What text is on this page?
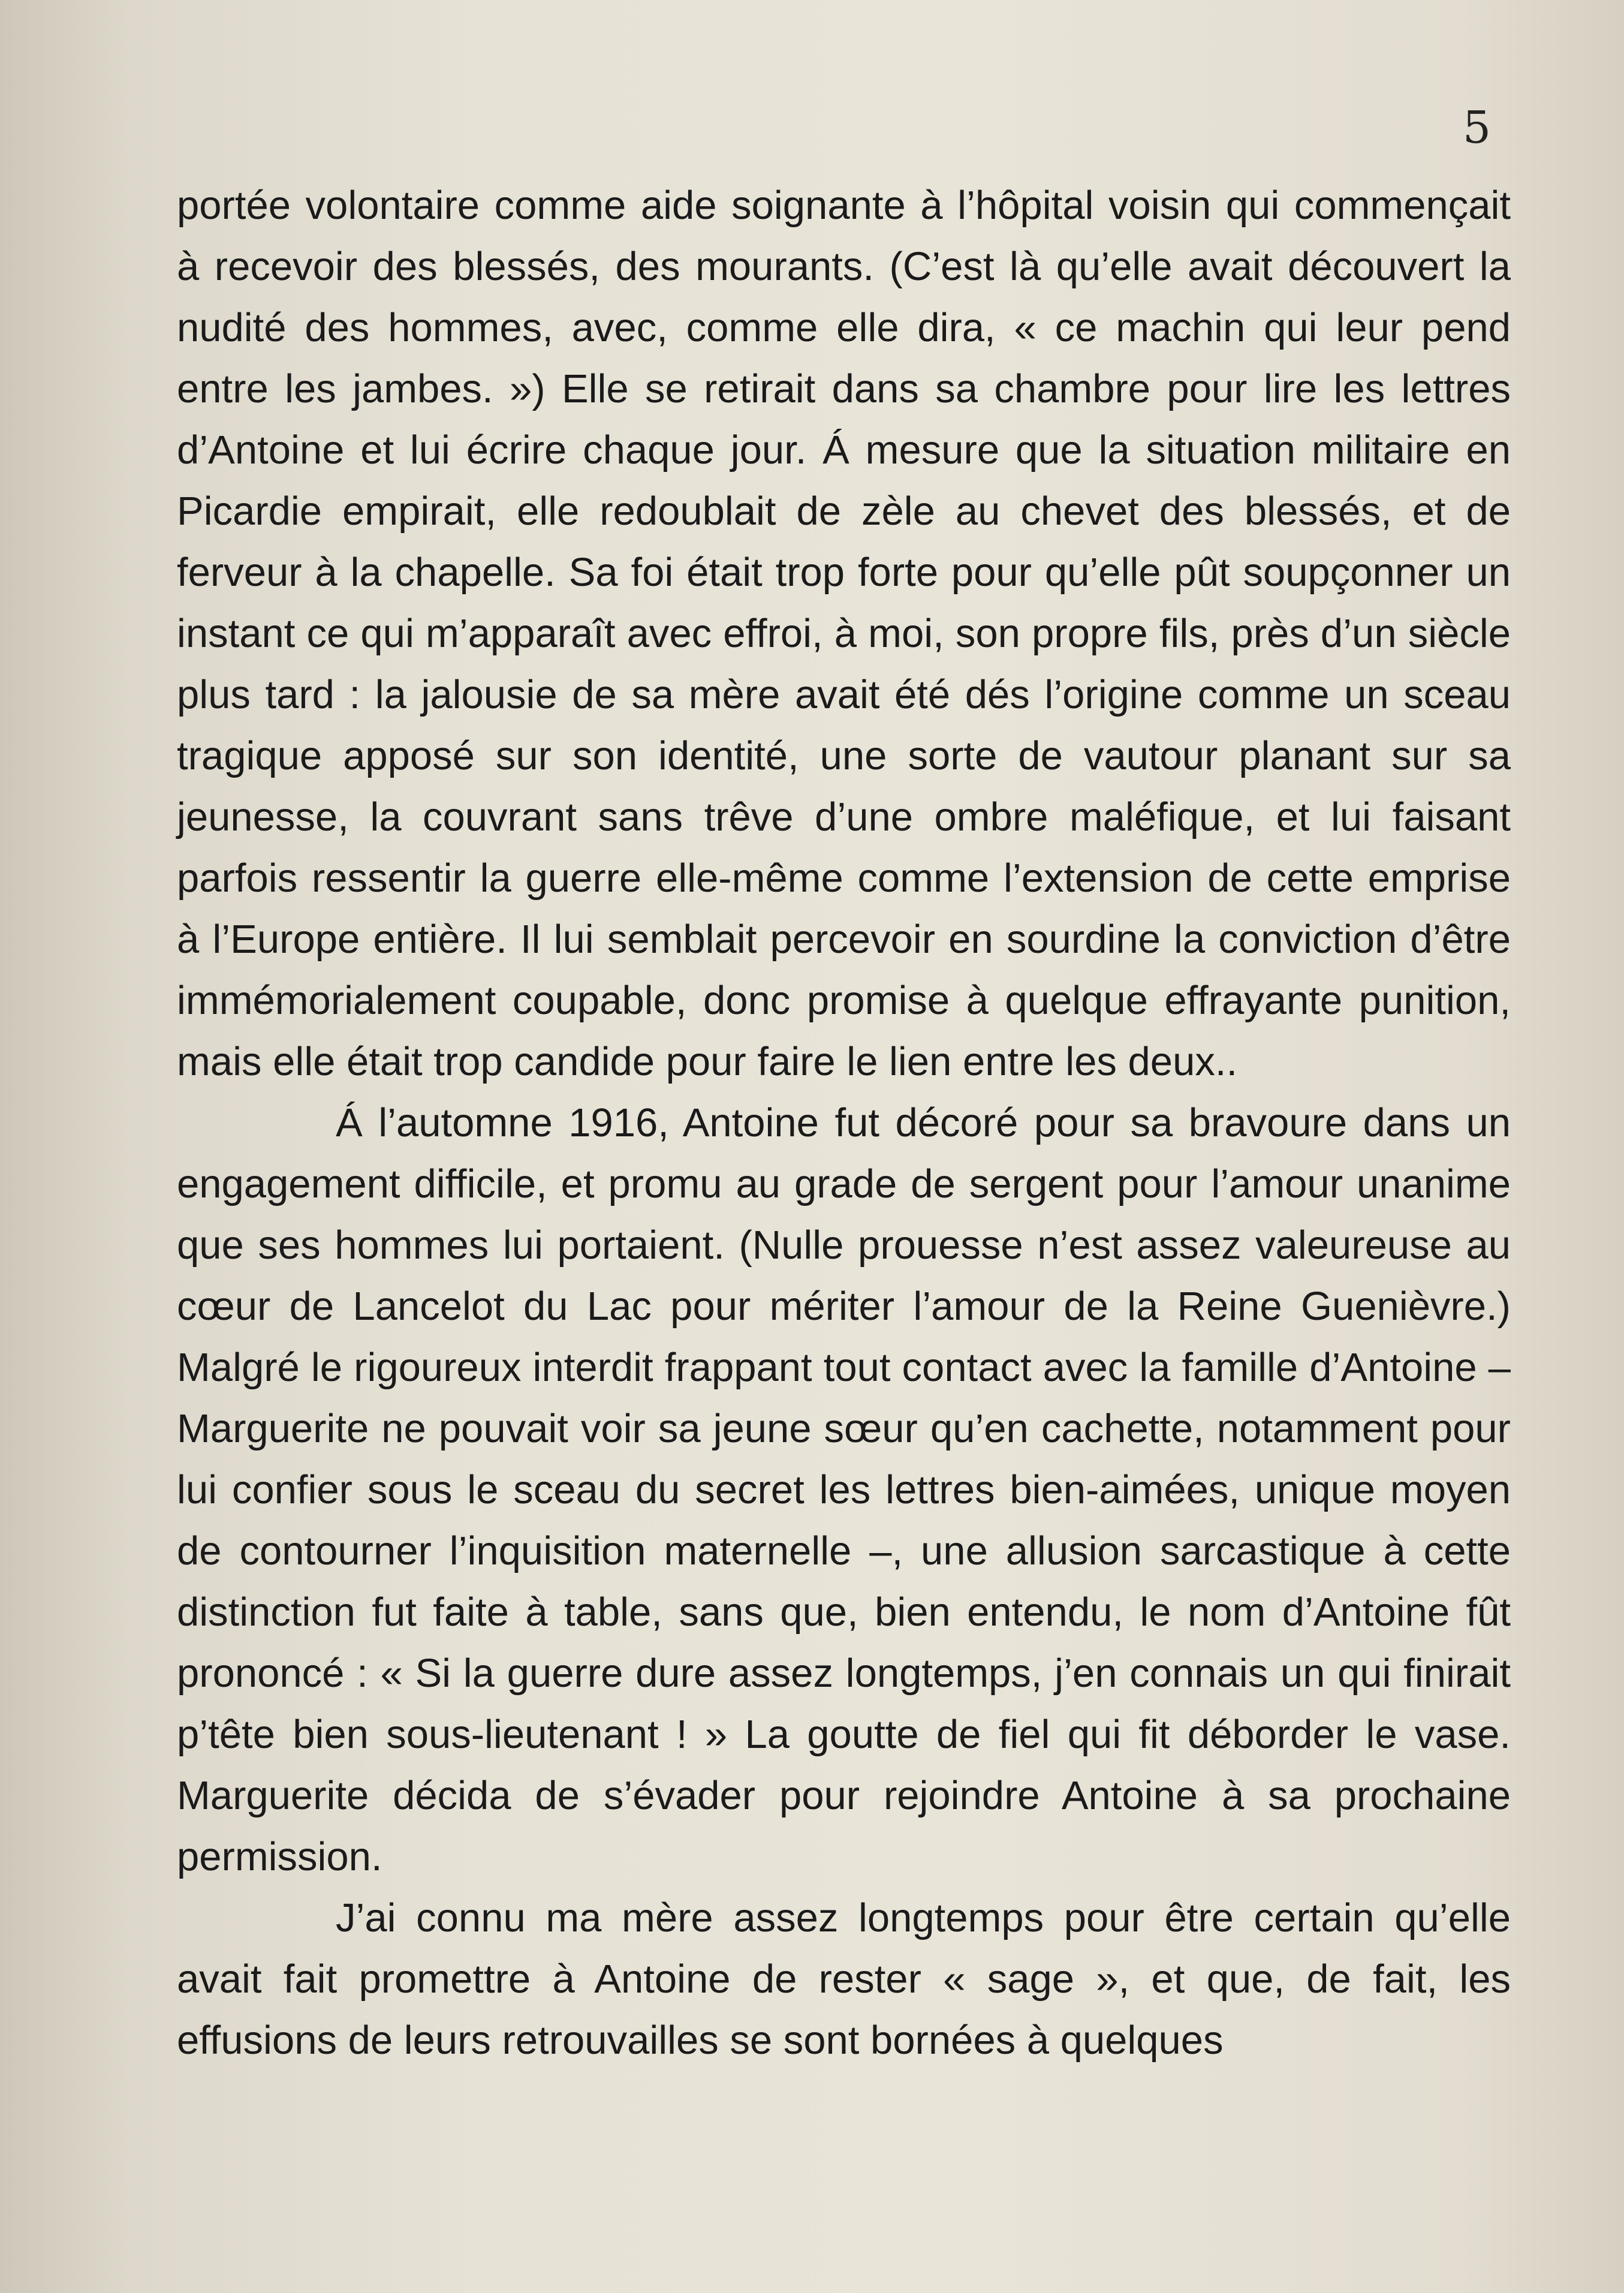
5

portée volontaire comme aide soignante à l’hôpital voisin qui commençait à recevoir des blessés, des mourants. (C’est là qu’elle avait découvert la nudité des hommes, avec, comme elle dira, « ce machin qui leur pend entre les jambes. ») Elle se retirait dans sa chambre pour lire les lettres d’Antoine et lui écrire chaque jour. Á mesure que la situation militaire en Picardie empirait, elle redoublait de zèle au chevet des blessés, et de ferveur à la chapelle. Sa foi était trop forte pour qu’elle pût soupçonner un instant ce qui m’apparaît avec effroi, à moi, son propre fils, près d’un siècle plus tard : la jalousie de sa mère avait été dés l’origine comme un sceau tragique apposé sur son identité, une sorte de vautour planant sur sa jeunesse, la couvrant sans trêve d’une ombre maléfique, et lui faisant parfois ressentir la guerre elle-même comme l’extension de cette emprise à l’Europe entière. Il lui semblait percevoir en sourdine la conviction d’être immémorialement coupable, donc promise à quelque effrayante punition, mais elle était trop candide pour faire le lien entre les deux..

Á l’automne 1916, Antoine fut décoré pour sa bravoure dans un engagement difficile, et promu au grade de sergent pour l’amour unanime que ses hommes lui portaient. (Nulle prouesse n’est assez valeureuse au cœur de Lancelot du Lac pour mériter l’amour de la Reine Guenièvre.) Malgré le rigoureux interdit frappant tout contact avec la famille d’Antoine – Marguerite ne pouvait voir sa jeune sœur qu’en cachette, notamment pour lui confier sous le sceau du secret les lettres bien-aimées, unique moyen de contourner l’inquisition maternelle –, une allusion sarcastique à cette distinction fut faite à table, sans que, bien entendu, le nom d’Antoine fût prononcé : « Si la guerre dure assez longtemps, j’en connais un qui finirait p’tête bien sous-lieutenant ! » La goutte de fiel qui fit déborder le vase. Marguerite décida de s’évader pour rejoindre Antoine à sa prochaine permission.

J’ai connu ma mère assez longtemps pour être certain qu’elle avait fait promettre à Antoine de rester « sage », et que, de fait, les effusions de leurs retrouvailles se sont bornées à quelques
